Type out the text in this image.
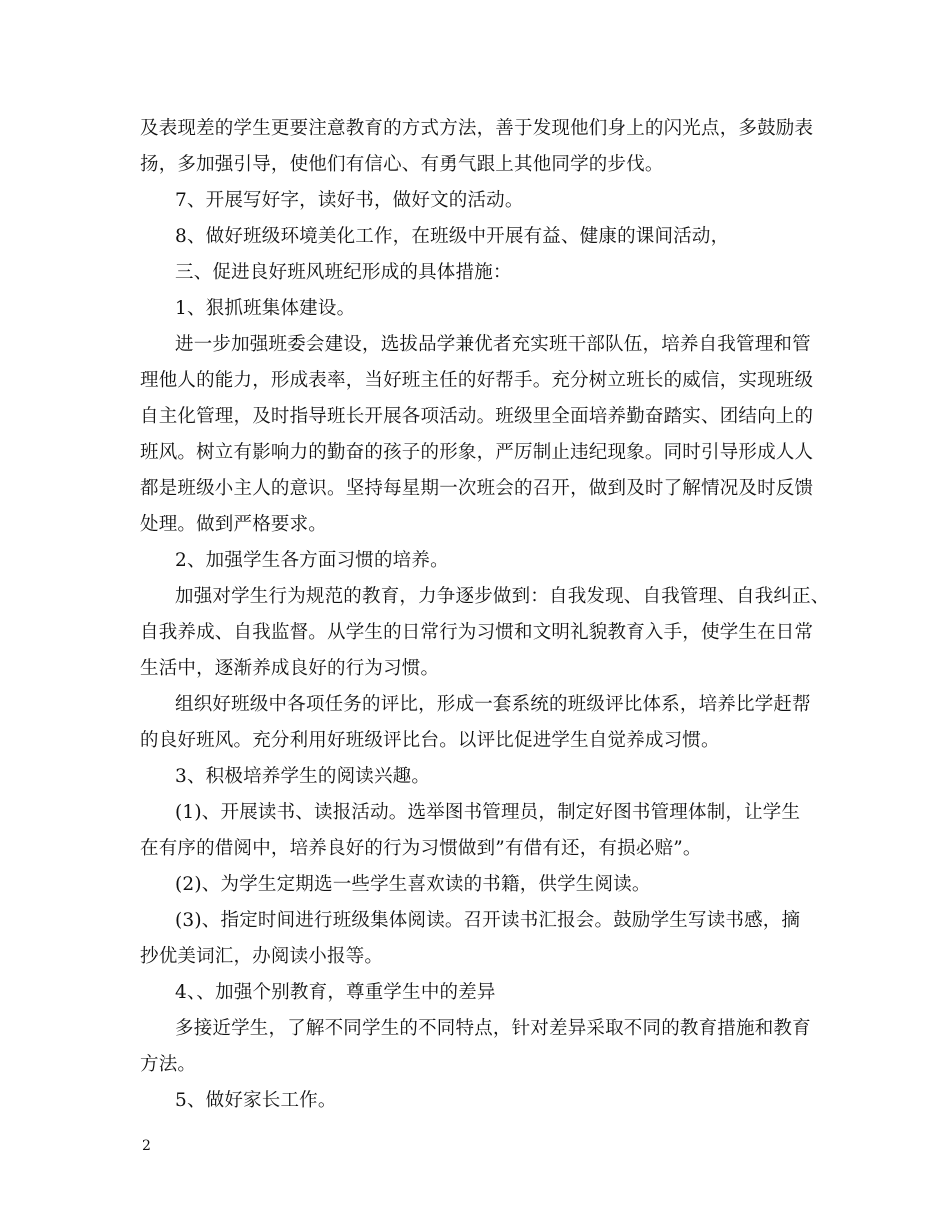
及表现差的学生更要注意教育的方式方法，善于发现他们身上的闪光点，多鼓励表
扬，多加强引导，使他们有信心、有勇气跟上其他同学的步伐。
7、开展写好字，读好书，做好文的活动。
8、做好班级环境美化工作，在班级中开展有益、健康的课间活动，
三、促进良好班风班纪形成的具体措施：
1、狠抓班集体建设。
进一步加强班委会建设，选拔品学兼优者充实班干部队伍，培养自我管理和管
理他人的能力，形成表率，当好班主任的好帮手。充分树立班长的威信，实现班级
自主化管理，及时指导班长开展各项活动。班级里全面培养勤奋踏实、团结向上的
班风。树立有影响力的勤奋的孩子的形象，严厉制止违纪现象。同时引导形成人人
都是班级小主人的意识。坚持每星期一次班会的召开，做到及时了解情况及时反馈
处理。做到严格要求。
2、加强学生各方面习惯的培养。
加强对学生行为规范的教育，力争逐步做到：自我发现、自我管理、自我纠正、
自我养成、自我监督。从学生的日常行为习惯和文明礼貌教育入手，使学生在日常
生活中，逐渐养成良好的行为习惯。
组织好班级中各项任务的评比，形成一套系统的班级评比体系，培养比学赶帮
的良好班风。充分利用好班级评比台。以评比促进学生自觉养成习惯。
3、积极培养学生的阅读兴趣。
(1)、开展读书、读报活动。选举图书管理员，制定好图书管理体制，让学生
在有序的借阅中，培养良好的行为习惯做到”有借有还，有损必赔”。
(2)、为学生定期选一些学生喜欢读的书籍，供学生阅读。
(3)、指定时间进行班级集体阅读。召开读书汇报会。鼓励学生写读书感，摘
抄优美词汇，办阅读小报等。
4、、加强个别教育，尊重学生中的差异
多接近学生，了解不同学生的不同特点，针对差异采取不同的教育措施和教育
方法。
5、做好家长工作。
2
